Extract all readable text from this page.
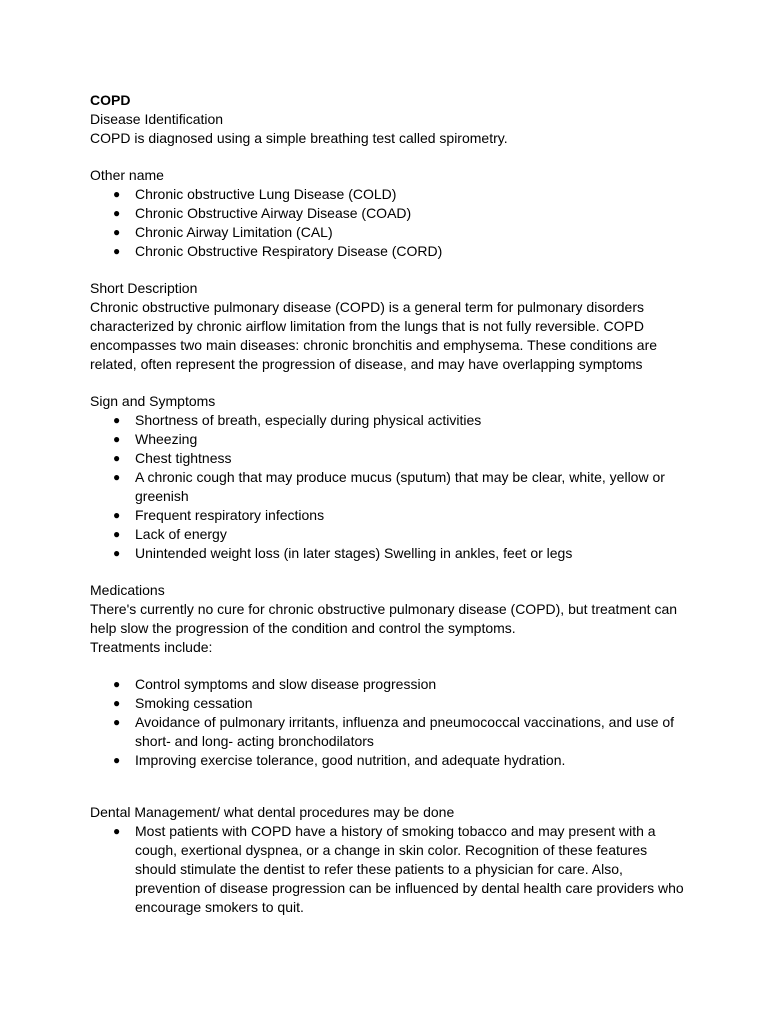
COPD

Disease Identification

COPD is diagnosed using a simple breathing test called spirometry.

Other name

● Chronic obstructive Lung Disease (COLD)
● Chronic Obstructive Airway Disease (COAD)
● Chronic Airway Limitation (CAL)
● Chronic Obstructive Respiratory Disease (CORD)

Short Description

Chronic obstructive pulmonary disease (COPD) is a general term for pulmonary disorders

characterized by chronic airflow limitation from the lungs that is not fully reversible. COPD

encompasses two main diseases: chronic bronchitis and emphysema. These conditions are

related, often represent the progression of disease, and may have overlapping symptoms

Sign and Symptoms

● Shortness of breath, especially during physical activities
● Wheezing
● Chest tightness
● A chronic cough that may produce mucus (sputum) that may be clear, white, yellow or
greenish
● Frequent respiratory infections
● Lack of energy
● Unintended weight loss (in later stages) Swelling in ankles, feet or legs

Medications

There's currently no cure for chronic obstructive pulmonary disease (COPD), but treatment can

help slow the progression of the condition and control the symptoms.

Treatments include:

● Control symptoms and slow disease progression
● Smoking cessation
● Avoidance of pulmonary irritants, influenza and pneumococcal vaccinations, and use of
short- and long- acting bronchodilators
● Improving exercise tolerance, good nutrition, and adequate hydration.

Dental Management/ what dental procedures may be done

● Most patients with COPD have a history of smoking tobacco and may present with a
cough, exertional dyspnea, or a change in skin color. Recognition of these features
should stimulate the dentist to refer these patients to a physician for care. Also,
prevention of disease progression can be influenced by dental health care providers who
encourage smokers to quit.
